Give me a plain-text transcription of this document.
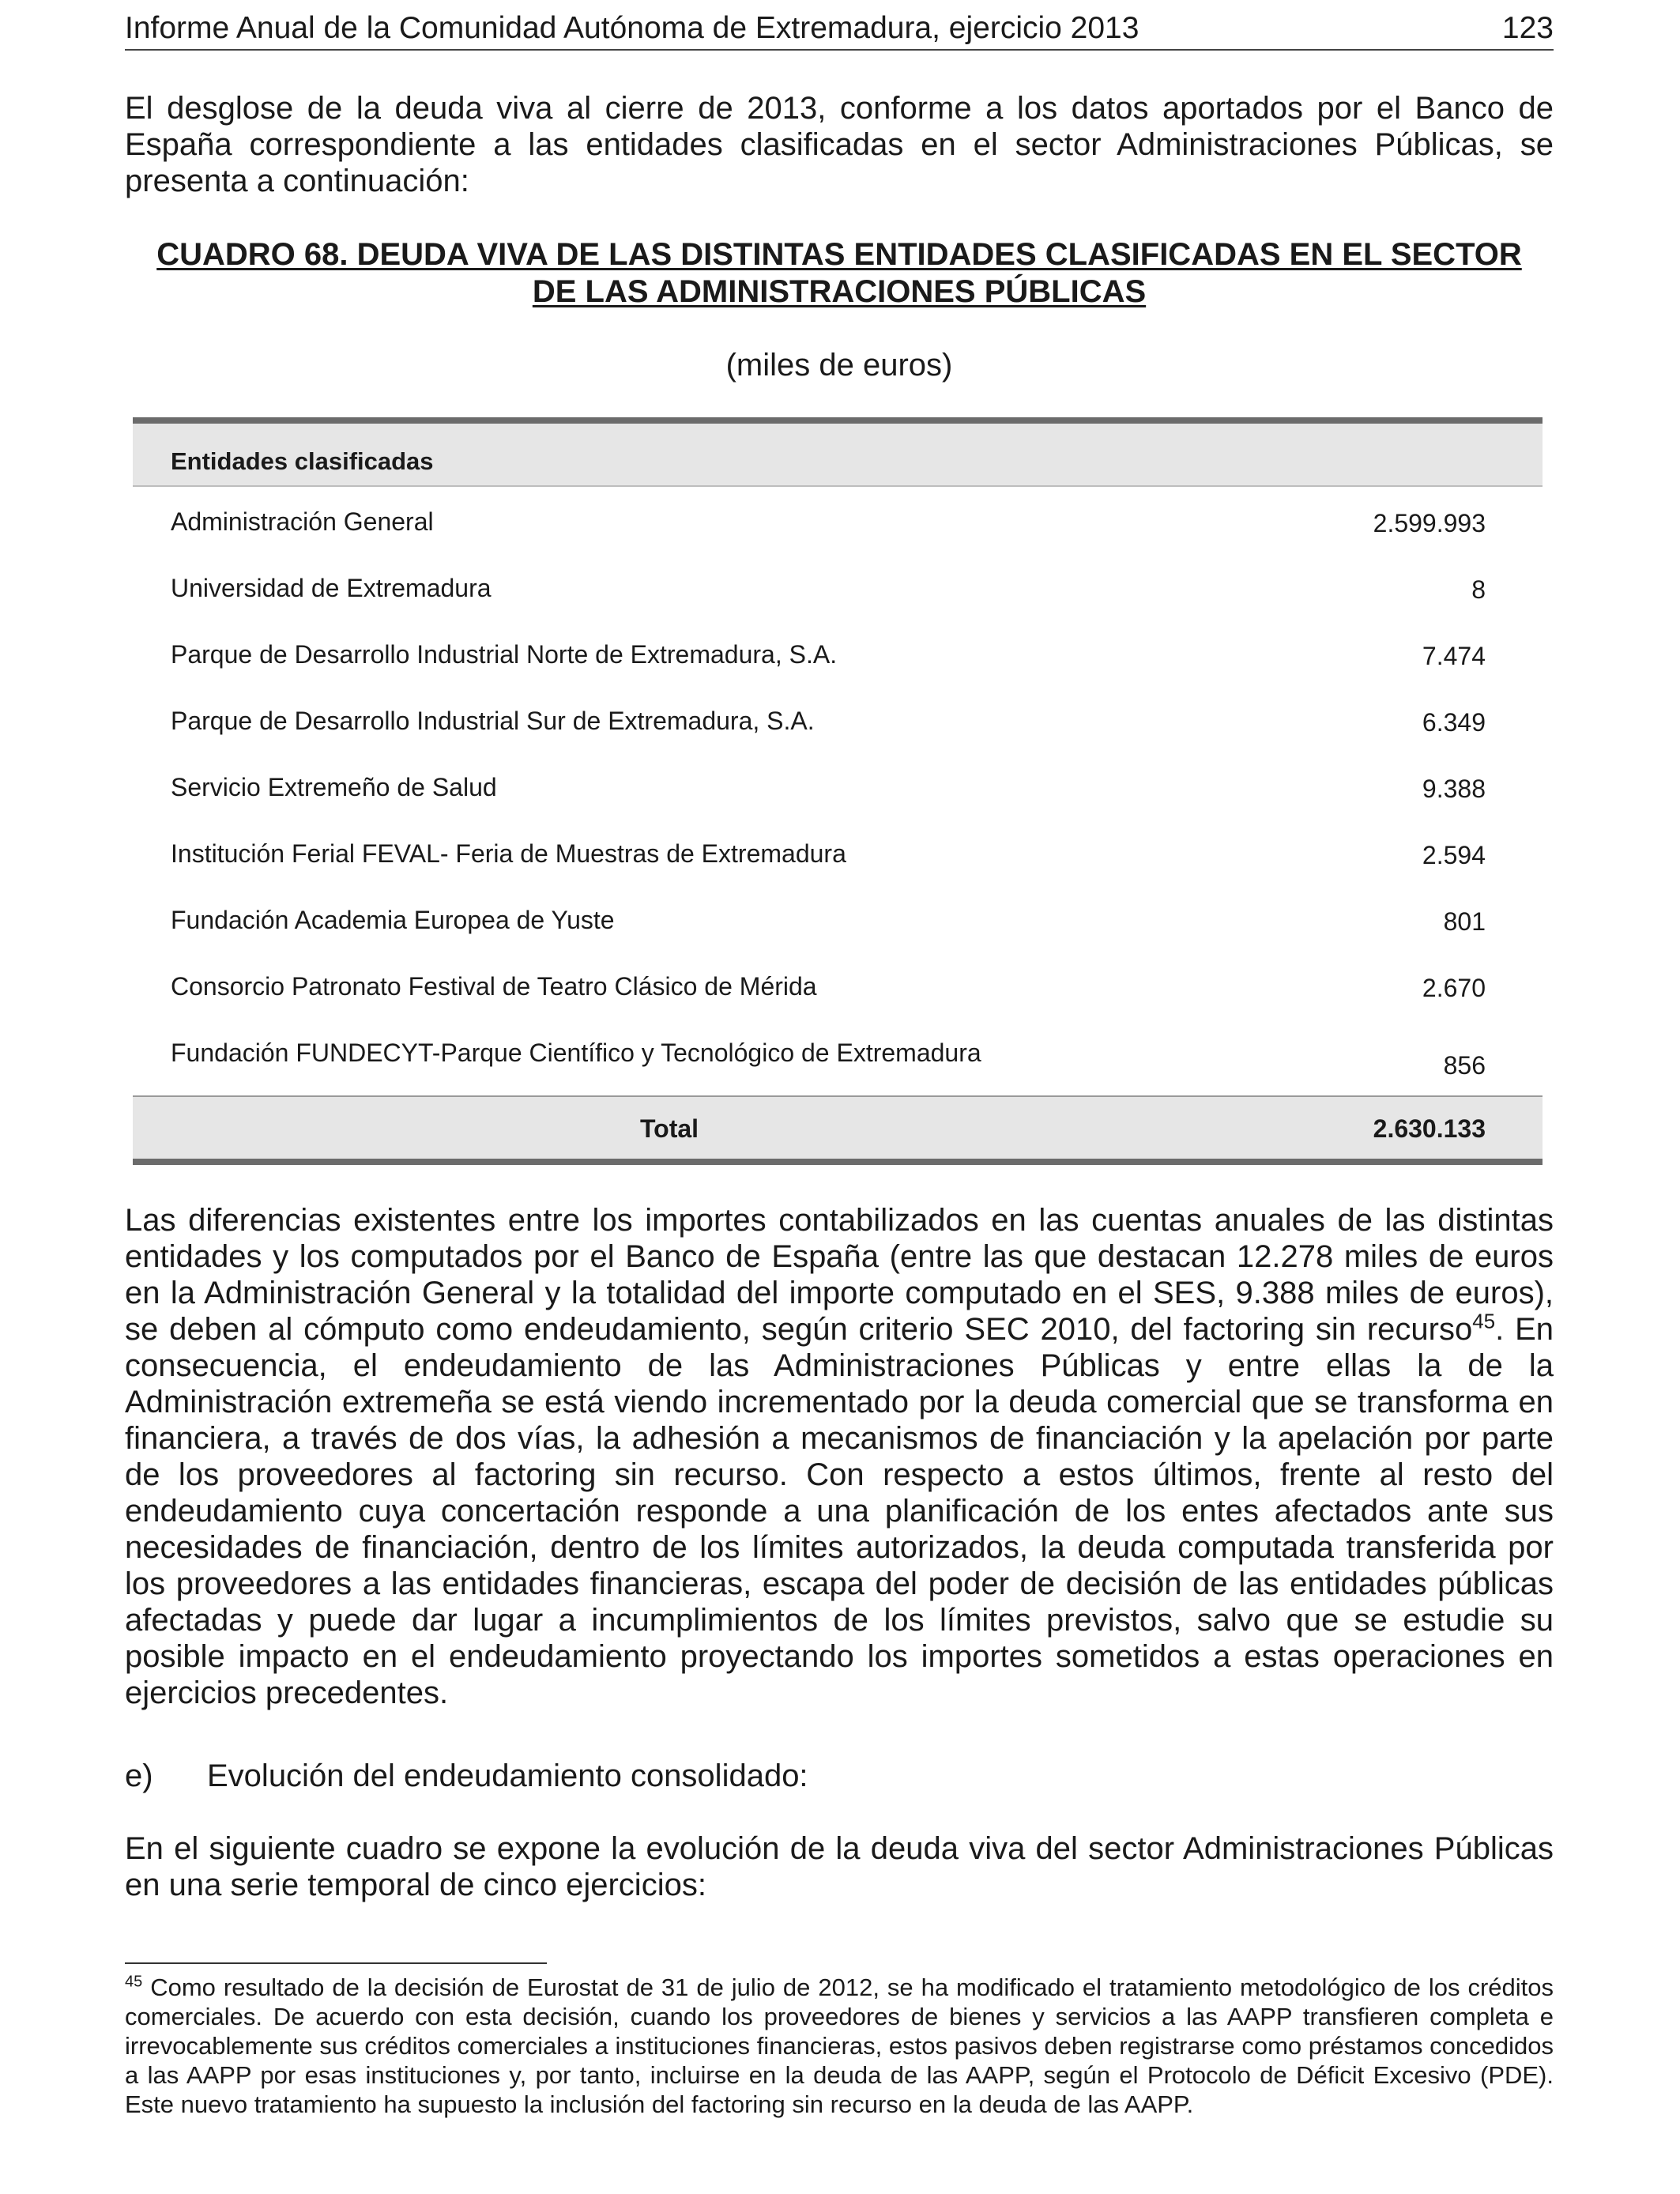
Informe Anual de la Comunidad Autónoma de Extremadura, ejercicio 2013	123

El desglose de la deuda viva al cierre de 2013, conforme a los datos aportados por el Banco de España correspondiente a las entidades clasificadas en el sector Administraciones Públicas, se presenta a continuación:

CUADRO 68. DEUDA VIVA DE LAS DISTINTAS ENTIDADES CLASIFICADAS EN EL SECTOR
DE LAS ADMINISTRACIONES PÚBLICAS
(miles de euros)
Entidades clasificadas
Administración General	2.599.993
Universidad de Extremadura	8
Parque de Desarrollo Industrial Norte de Extremadura, S.A.	7.474
Parque de Desarrollo Industrial Sur de Extremadura, S.A.	6.349
Servicio Extremeño de Salud	9.388
Institución Ferial FEVAL- Feria de Muestras de Extremadura	2.594
Fundación Academia Europea de Yuste	801
Consorcio Patronato Festival de Teatro Clásico de Mérida	2.670
Fundación FUNDECYT-Parque Científico y Tecnológico de Extremadura	856
Total	2.630.133

Las diferencias existentes entre los importes contabilizados en las cuentas anuales de las distintas entidades y los computados por el Banco de España (entre las que destacan 12.278 miles de euros en la Administración General y la totalidad del importe computado en el SES, 9.388 miles de euros), se deben al cómputo como endeudamiento, según criterio SEC 2010, del factoring sin recurso$^{45}$. En consecuencia, el endeudamiento de las Administraciones Públicas y entre ellas la de la Administración extremeña se está viendo incrementado por la deuda comercial que se transforma en financiera, a través de dos vías, la adhesión a mecanismos de financiación y la apelación por parte de los proveedores al factoring sin recurso. Con respecto a estos últimos, frente al resto del endeudamiento cuya concertación responde a una planificación de los entes afectados ante sus necesidades de financiación, dentro de los límites autorizados, la deuda computada transferida por los proveedores a las entidades financieras, escapa del poder de decisión de las entidades públicas afectadas y puede dar lugar a incumplimientos de los límites previstos, salvo que se estudie su posible impacto en el endeudamiento proyectando los importes sometidos a estas operaciones en ejercicios precedentes.

e) Evolución del endeudamiento consolidado:

En el siguiente cuadro se expone la evolución de la deuda viva del sector Administraciones Públicas en una serie temporal de cinco ejercicios:

$^{45}$ Como resultado de la decisión de Eurostat de 31 de julio de 2012, se ha modificado el tratamiento metodológico de los créditos comerciales. De acuerdo con esta decisión, cuando los proveedores de bienes y servicios a las AAPP transfieren completa e irrevocablemente sus créditos comerciales a instituciones financieras, estos pasivos deben registrarse como préstamos concedidos a las AAPP por esas instituciones y, por tanto, incluirse en la deuda de las AAPP, según el Protocolo de Déficit Excesivo (PDE). Este nuevo tratamiento ha supuesto la inclusión del factoring sin recurso en la deuda de las AAPP.
